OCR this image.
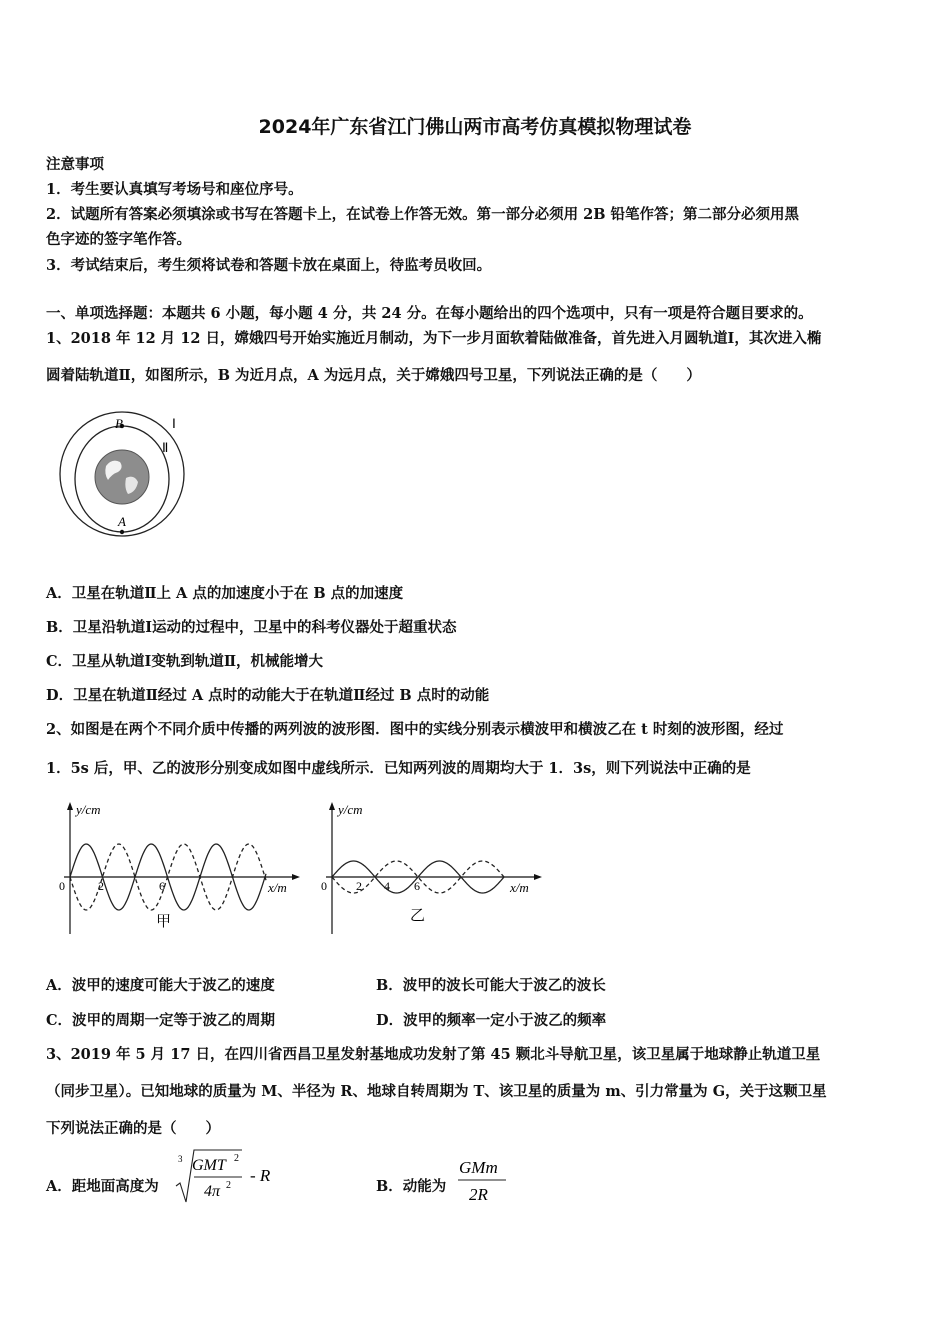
2024年广东省江门佛山两市高考仿真模拟物理试卷
注意事项
1．考生要认真填写考场号和座位序号。
2．试题所有答案必须填涂或书写在答题卡上，在试卷上作答无效。第一部分必须用 2B 铅笔作答；第二部分必须用黑
色字迹的签字笔作答。
3．考试结束后，考生须将试卷和答题卡放在桌面上，待监考员收回。
一、单项选择题：本题共 6 小题，每小题 4 分，共 24 分。在每小题给出的四个选项中，只有一项是符合题目要求的。
1、2018 年 12 月 12 日，嫦娥四号开始实施近月制动，为下一步月面软着陆做准备，首先进入月圆轨道Ⅰ，其次进入椭
圆着陆轨道Ⅱ，如图所示，B 为近月点，A 为远月点，关于嫦娥四号卫星，下列说法正确的是（　　）
B
A
Ⅰ
Ⅱ
A．卫星在轨道Ⅱ上 A 点的加速度小于在 B 点的加速度
B．卫星沿轨道Ⅰ运动的过程中，卫星中的科考仪器处于超重状态
C．卫星从轨道Ⅰ变轨到轨道Ⅱ，机械能增大
D．卫星在轨道Ⅱ经过 A 点时的动能大于在轨道Ⅱ经过 B 点时的动能
2、如图是在两个不同介质中传播的两列波的波形图．图中的实线分别表示横波甲和横波乙在 t 时刻的波形图，经过
1．5s 后，甲、乙的波形分别变成如图中虚线所示．已知两列波的周期均大于 1．3s，则下列说法中正确的是
y/cm
x/m
0	2	6
甲
y/cm
x/m
0 2 4 6
乙
A．波甲的速度可能大于波乙的速度	B．波甲的波长可能大于波乙的波长
C．波甲的周期一定等于波乙的周期	D．波甲的频率一定小于波乙的频率
3、2019 年 5 月 17 日，在四川省西昌卫星发射基地成功发射了第 45 颗北斗导航卫星，该卫星属于地球静止轨道卫星
（同步卫星）。已知地球的质量为 M、半径为 R、地球自转周期为 T、该卫星的质量为 m、引力常量为 G，关于这颗卫星
下列说法正确的是（　　）
A．距地面高度为
3 GMT 2
4π 2
- R
B．动能为
GMm
2R
